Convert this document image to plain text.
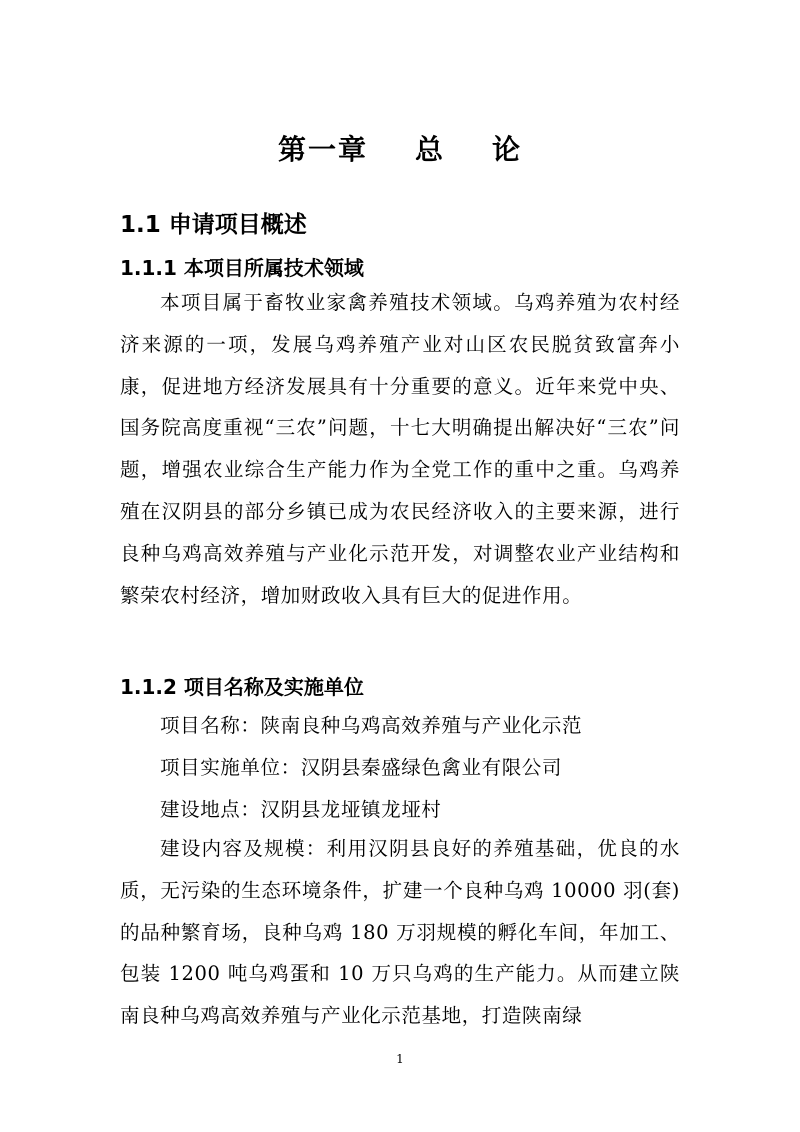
第一章    总    论
1.1 申请项目概述
1.1.1 本项目所属技术领域

本项目属于畜牧业家禽养殖技术领域。乌鸡养殖为农村经济来源的一项，发展乌鸡养殖产业对山区农民脱贫致富奔小康，促进地方经济发展具有十分重要的意义。近年来党中央、国务院高度重视“三农”问题，十七大明确提出解决好“三农”问题，增强农业综合生产能力作为全党工作的重中之重。乌鸡养殖在汉阴县的部分乡镇已成为农民经济收入的主要来源，进行良种乌鸡高效养殖与产业化示范开发，对调整农业产业结构和繁荣农村经济，增加财政收入具有巨大的促进作用。

1.1.2 项目名称及实施单位

项目名称：陕南良种乌鸡高效养殖与产业化示范

项目实施单位：汉阴县秦盛绿色禽业有限公司

建设地点：汉阴县龙垭镇龙垭村

建设内容及规模：利用汉阴县良好的养殖基础，优良的水质，无污染的生态环境条件，扩建一个良种乌鸡 10000 羽(套)的品种繁育场，良种乌鸡 180 万羽规模的孵化车间，年加工、包装 1200 吨乌鸡蛋和 10 万只乌鸡的生产能力。从而建立陕南良种乌鸡高效养殖与产业化示范基地，打造陕南绿

1
